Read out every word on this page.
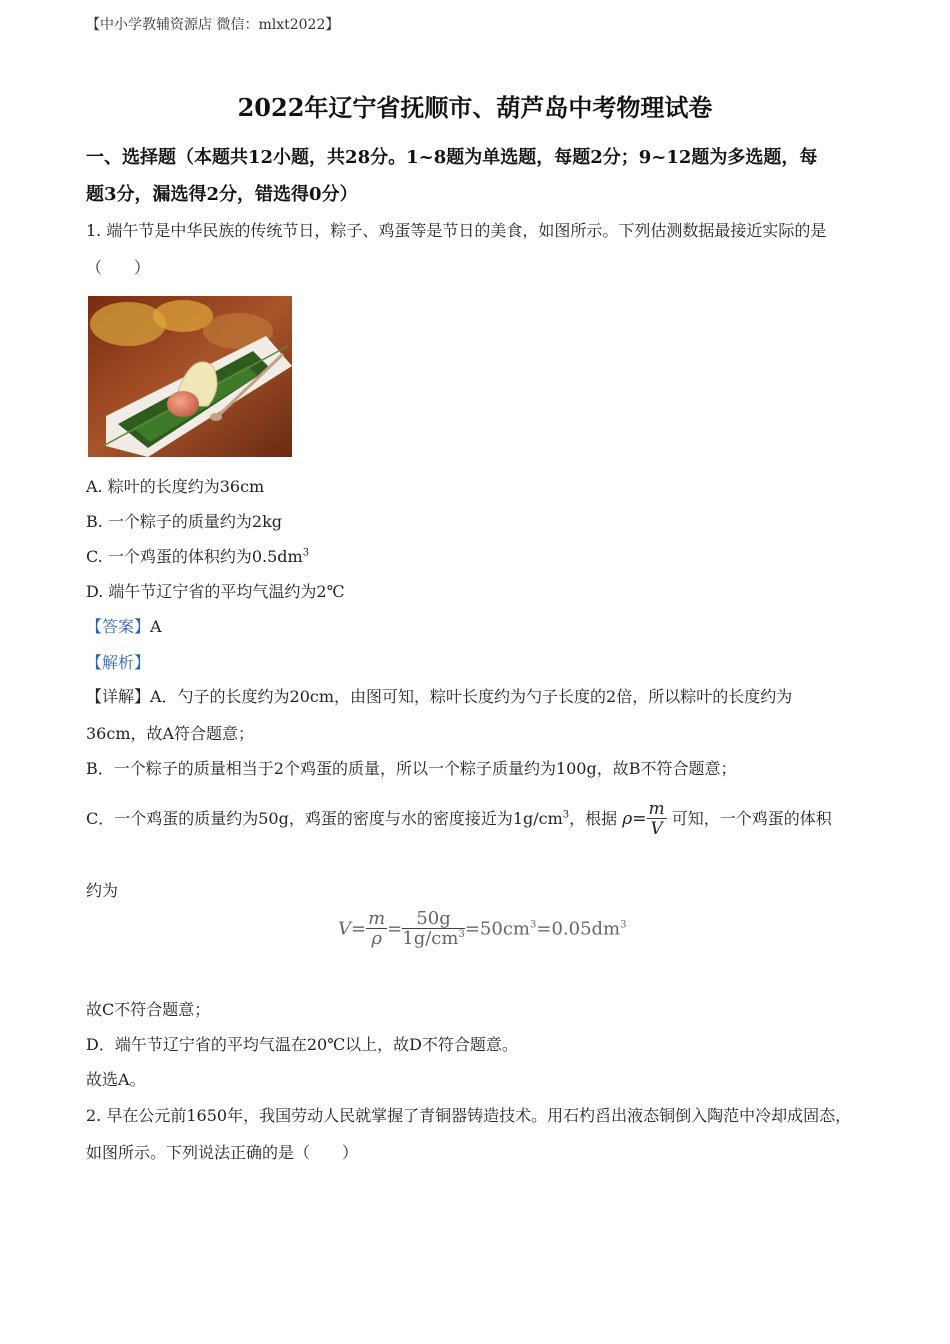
【中小学教辅资源店 微信：mlxt2022】
2022年辽宁省抚顺市、葫芦岛中考物理试卷
一、选择题（本题共12小题，共28分。1~8题为单选题，每题2分；9~12题为多选题，每
题3分，漏选得2分，错选得0分）
1. 端午节是中华民族的传统节日，粽子、鸡蛋等是节日的美食，如图所示。下列估测数据最接近实际的是
（　　）
A. 粽叶的长度约为36cm
B. 一个粽子的质量约为2kg
C. 一个鸡蛋的体积约为$0.5dm^3$
D. 端午节辽宁省的平均气温约为2℃
【答案】A
【解析】
【详解】A．勺子的长度约为20cm，由图可知，粽叶长度约为勺子长度的2倍，所以粽叶的长度约为
36cm，故A符合题意；
B．一个粽子的质量相当于2个鸡蛋的质量，所以一个粽子质量约为100g，故B不符合题意；
C．一个鸡蛋的质量约为50g，鸡蛋的密度与水的密度接近为$1g/cm^3$，根据 $\rho= \frac{m}{V}$ 可知，一个鸡蛋的体积
约为
$V= \frac{m}{\rho} = \frac{50g}{1g/cm^3} =50cm^3=0.05dm^3$
故C不符合题意；
D．端午节辽宁省的平均气温在20℃以上，故D不符合题意。
故选A。
2. 早在公元前1650年，我国劳动人民就掌握了青铜器铸造技术。用石杓舀出液态铜倒入陶范中冷却成固态，
如图所示。下列说法正确的是（　　）
